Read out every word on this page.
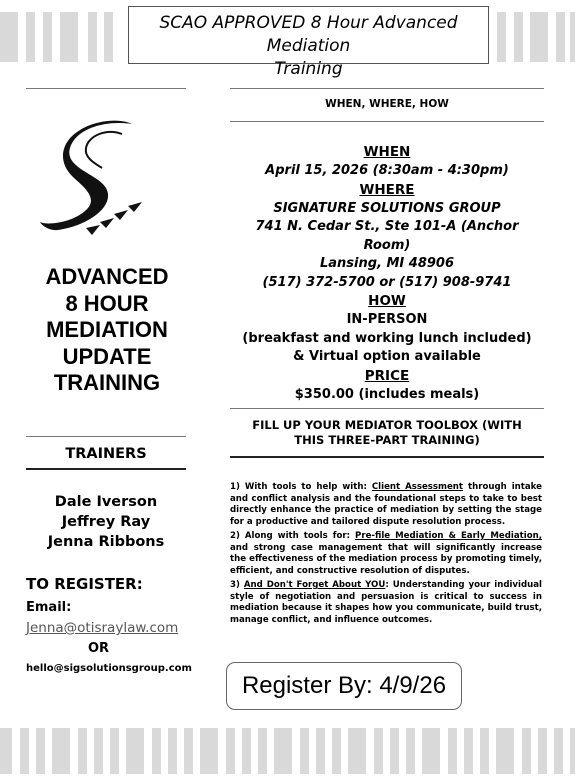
SCAO APPROVED 8 Hour Advanced Mediation
Training
ADVANCED
8 HOUR
MEDIATION
UPDATE
TRAINING
TRAINERS
Dale Iverson
Jeffrey Ray
Jenna Ribbons
TO REGISTER:
Email:
Jenna@otisraylaw.com
OR
hello@sigsolutionsgroup.com
WHEN, WHERE, HOW
WHEN
April 15, 2026 (8:30am - 4:30pm)
WHERE
SIGNATURE SOLUTIONS GROUP
741 N. Cedar St., Ste 101-A (Anchor Room)
Lansing, MI 48906
(517) 372-5700 or (517) 908-9741
HOW
IN-PERSON
(breakfast and working lunch included)
& Virtual option available
PRICE
$350.00 (includes meals)
FILL UP YOUR MEDIATOR TOOLBOX (WITH
THIS THREE-PART TRAINING)

1) With tools to help with: Client Assessment through intake and conflict analysis and the foundational steps to take to best directly enhance the practice of mediation by setting the stage for a productive and tailored dispute resolution process.

2) Along with tools for: Pre-file Mediation & Early Mediation, and strong case management that will significantly increase the effectiveness of the mediation process by promoting timely, efficient, and constructive resolution of disputes.

3) And Don't Forget About YOU: Understanding your individual style of negotiation and persuasion is critical to success in mediation because it shapes how you communicate, build trust, manage conflict, and influence outcomes.

Register By: 4/9/26
